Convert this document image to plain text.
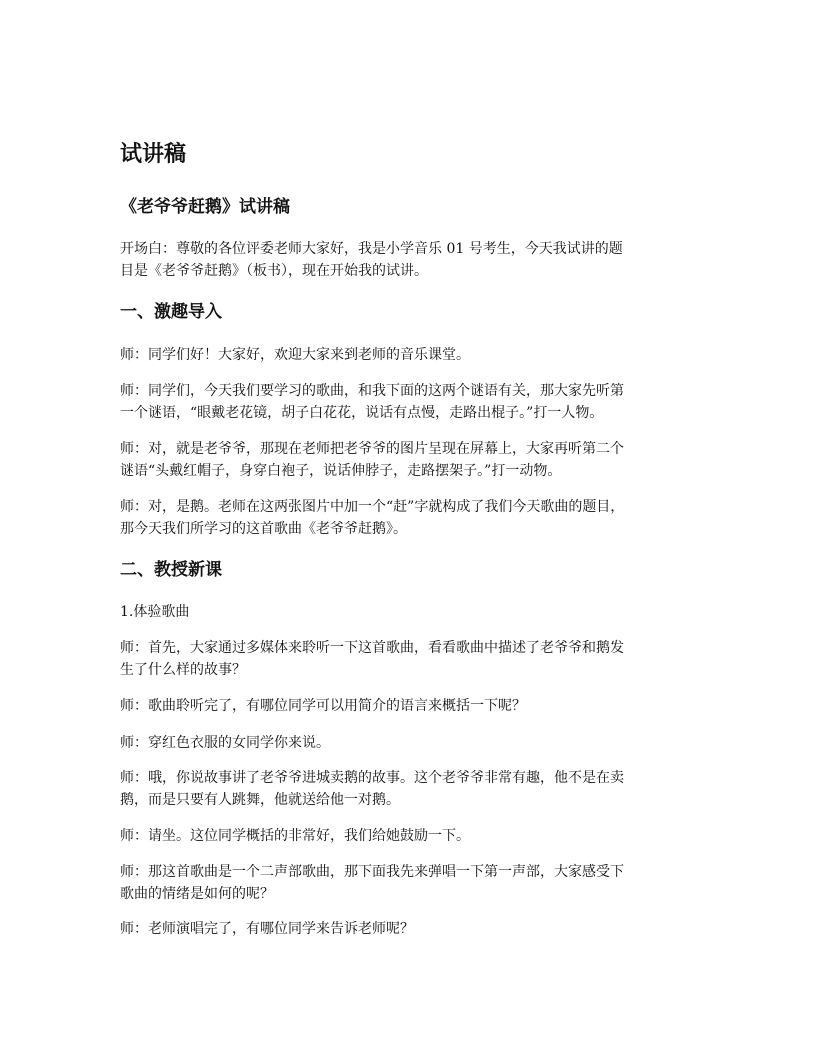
试讲稿
《老爷爷赶鹅》试讲稿

开场白：尊敬的各位评委老师大家好，我是小学音乐 01 号考生，今天我试讲的题
目是《老爷爷赶鹅》（板书），现在开始我的试讲。

一、激趣导入

师：同学们好！大家好，欢迎大家来到老师的音乐课堂。

师：同学们，今天我们要学习的歌曲，和我下面的这两个谜语有关，那大家先听第
一个谜语，“眼戴老花镜，胡子白花花，说话有点慢，走路出棍子。”打一人物。

师：对，就是老爷爷，那现在老师把老爷爷的图片呈现在屏幕上，大家再听第二个
谜语“头戴红帽子，身穿白袍子，说话伸脖子，走路摆架子。”打一动物。

师：对，是鹅。老师在这两张图片中加一个“赶”字就构成了我们今天歌曲的题目，
那今天我们所学习的这首歌曲《老爷爷赶鹅》。

二、教授新课

1.体验歌曲

师：首先，大家通过多媒体来聆听一下这首歌曲，看看歌曲中描述了老爷爷和鹅发
生了什么样的故事？

师：歌曲聆听完了，有哪位同学可以用简介的语言来概括一下呢？

师：穿红色衣服的女同学你来说。

师：哦，你说故事讲了老爷爷进城卖鹅的故事。这个老爷爷非常有趣，他不是在卖
鹅，而是只要有人跳舞，他就送给他一对鹅。

师：请坐。这位同学概括的非常好，我们给她鼓励一下。

师：那这首歌曲是一个二声部歌曲，那下面我先来弹唱一下第一声部，大家感受下
歌曲的情绪是如何的呢？

师：老师演唱完了，有哪位同学来告诉老师呢？
